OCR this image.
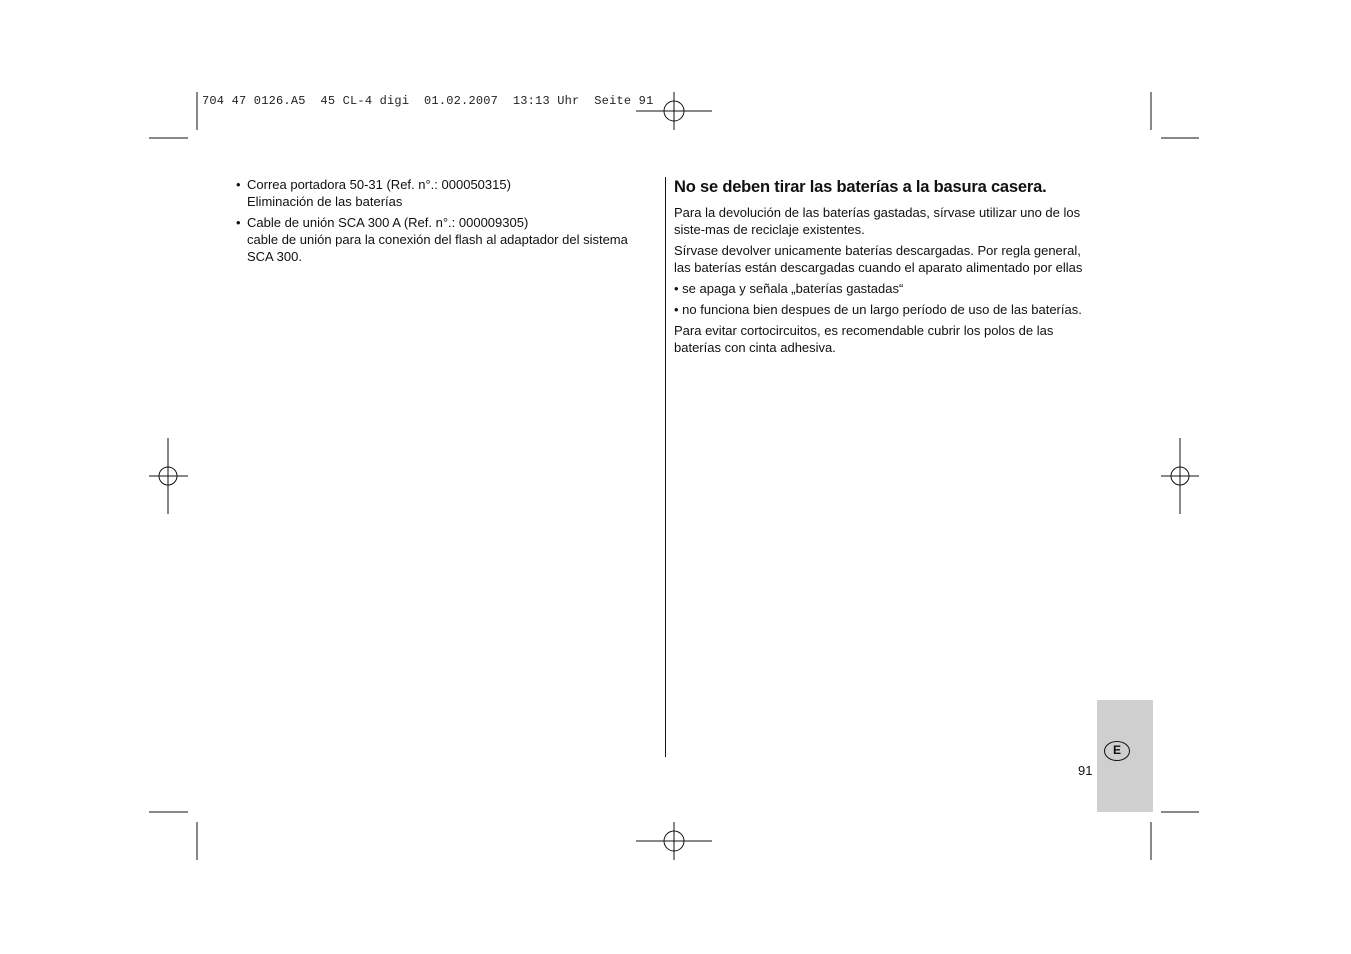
704 47 0126.A5  45 CL-4 digi  01.02.2007  13:13 Uhr  Seite 91
• Correa portadora 50-31 (Ref. n°.: 000050315)
Eliminación de las baterías
• Cable de unión SCA 300 A (Ref. n°.: 000009305)
cable de unión para la conexión del flash al adaptador del sistema SCA 300.
No se deben tirar las baterías a la basura casera.

Para la devolución de las baterías gastadas, sírvase utilizar uno de los siste-mas de reciclaje existentes.

Sírvase devolver unicamente baterías descargadas. Por regla general, las baterías están descargadas cuando el aparato alimentado por ellas

• se apaga y señala „baterías gastadas“

• no funciona bien despues de un largo período de uso de las baterías.

Para evitar cortocircuitos, es recomendable cubrir los polos de las baterías con cinta adhesiva.

E
91
